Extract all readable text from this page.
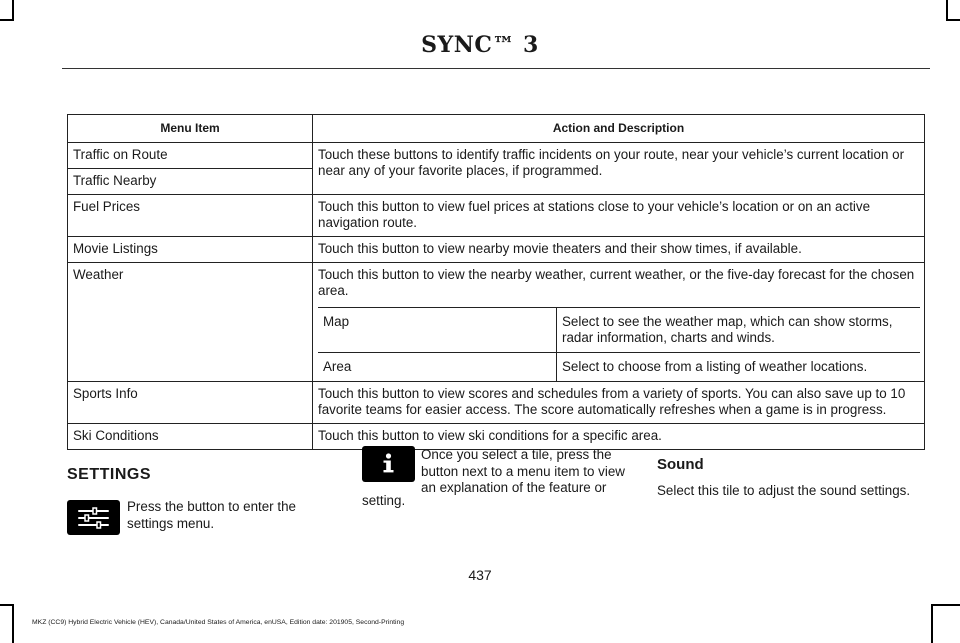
SYNC™ 3
Menu Item	Action and Description
Traffic on Route	Touch these buttons to identify traffic incidents on your route, near your vehicle’s current location or near any of your favorite places, if programmed.
Traffic Nearby
Fuel Prices	Touch this button to view fuel prices at stations close to your vehicle’s location or on an active navigation route.
Movie Listings	Touch this button to view nearby movie theaters and their show times, if available.
Weather	Touch this button to view the nearby weather, current weather, or the five-day forecast for the chosen area.
Map	Select to see the weather map, which can show storms, radar information, charts and winds.
Area	Select to choose from a listing of weather locations.

Sports Info	Touch this button to view scores and schedules from a variety of sports. You can also save up to 10 favorite teams for easier access. The score automatically refreshes when a game is in progress.
Ski Conditions	Touch this button to view ski conditions for a specific area.
SETTINGS
Press the button to enter the settings menu.
Once you select a tile, press the button next to a menu item to view an explanation of the feature or
setting.
Sound
Select this tile to adjust the sound settings.
437
MKZ (CC9) Hybrid Electric Vehicle (HEV), Canada/United States of America, enUSA, Edition date: 201905, Second-Printing
